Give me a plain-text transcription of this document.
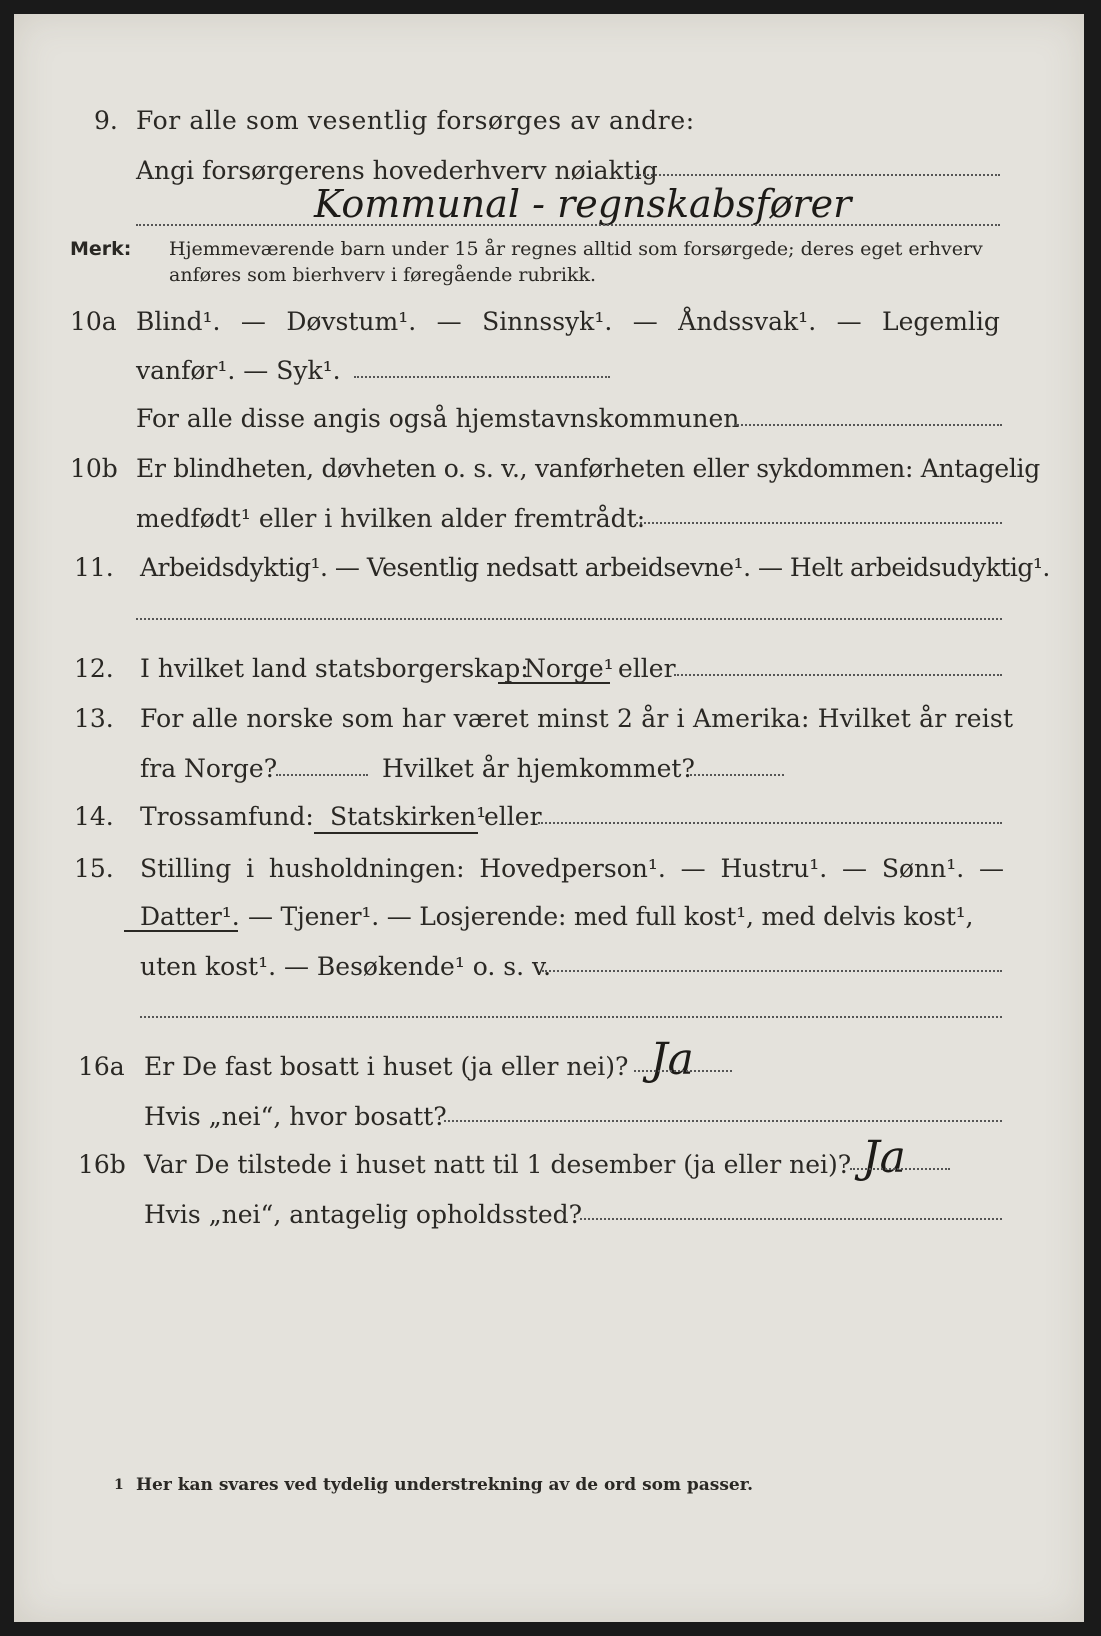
9. For alle som vesentlig forsørges av andre:
Angi forsørgerens hovederhverv nøiaktig
Kommunal - regnskabsfører
Merk: Hjemmeværende barn under 15 år regnes alltid som forsørgede; deres eget erhverv
anføres som bierhverv i føregående rubrikk.
10a Blind¹. — Døvstum¹. — Sinnssyk¹. — Åndssvak¹. — Legemlig
vanfør¹. — Syk¹.
For alle disse angis også hjemstavnskommunen
10b Er blindheten, døvheten o. s. v., vanførheten eller sykdommen: Antagelig
medfødt¹ eller i hvilken alder fremtrådt:
11. Arbeidsdyktig¹. — Vesentlig nedsatt arbeidsevne¹. — Helt arbeidsudyktig¹.
12. I hvilket land statsborgerskap:
Norge¹ eller
13. For alle norske som har været minst 2 år i Amerika: Hvilket år reist
fra Norge?	Hvilket år hjemkommet?
14. Trossamfund: Statskirken¹
eller
15. Stilling i husholdningen: Hovedperson¹. — Hustru¹. — Sønn¹. —
Datter¹. — Tjener¹. — Losjerende: med full kost¹, med delvis kost¹,
uten kost¹. — Besøkende¹ o. s. v.
16a Er De fast bosatt i huset (ja eller nei)? Ja
Hvis „nei“, hvor bosatt?
16b Var De tilstede i huset natt til 1 desember (ja eller nei)? Ja
Hvis „nei“, antagelig opholdssted?
1 Her kan svares ved tydelig understrekning av de ord som passer.
